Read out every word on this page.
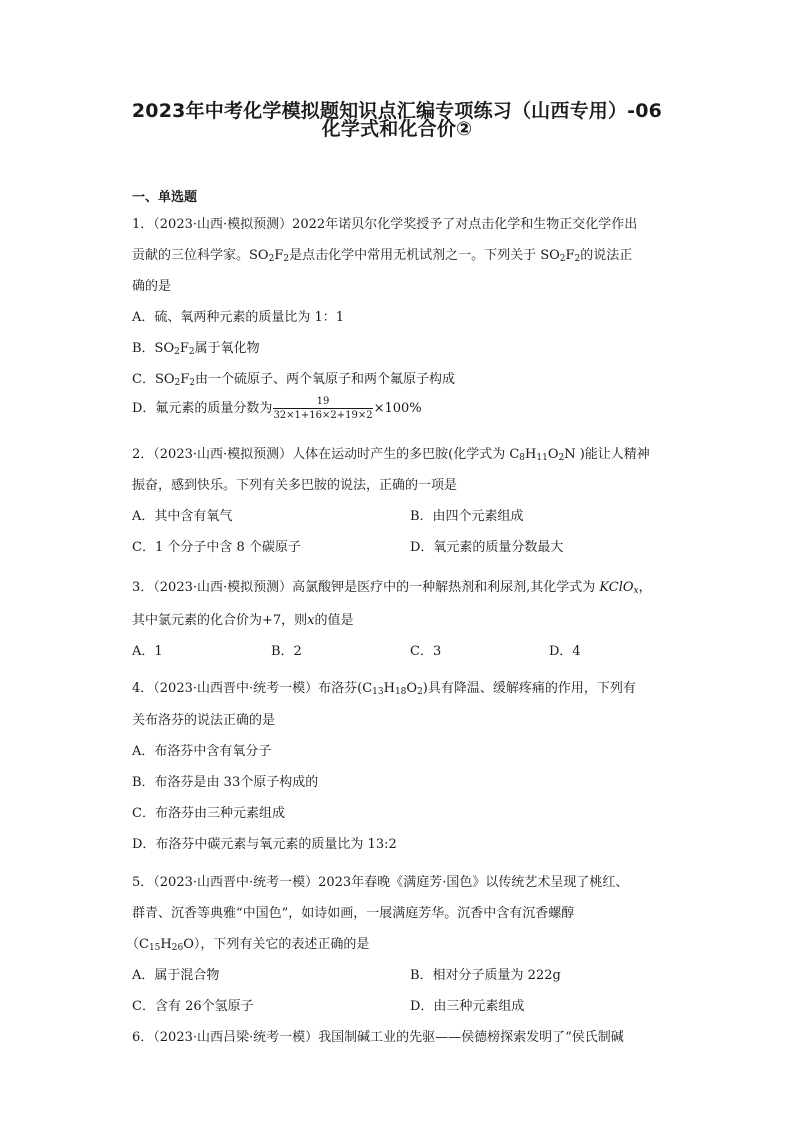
2023年中考化学模拟题知识点汇编专项练习（山西专用）-06
化学式和化合价②
一、单选题
1．（2023·山西·模拟预测）2022年诺贝尔化学奖授予了对点击化学和生物正交化学作出
贡献的三位科学家。$SO_2F_2$是点击化学中常用无机试剂之一。下列关于 $SO_2F_2$的说法正
确的是
A．硫、氧两种元素的质量比为 1：1
B．$SO_2F_2$属于氧化物
C．$SO_2F_2$由一个硫原子、两个氧原子和两个氟原子构成
D．氟元素的质量分数为 $\frac{19}{32\times 1+16\times 2+19\times 2} \times 100\%$
2．（2023·山西·模拟预测）人体在运动时产生的多巴胺(化学式为 $C_8H_{11}O_2N$ )能让人精神
振奋，感到快乐。下列有关多巴胺的说法，正确的一项是
A．其中含有氧气	B．由四个元素组成
C．1 个分子中含 8 个碳原子	D．氧元素的质量分数最大
3．（2023·山西·模拟预测）高氯酸钾是医疗中的一种解热剂和利尿剂,其化学式为 KClO$_x$，
其中氯元素的化合价为+7，则x的值是
A．1	B．2	C．3	D．4
4．（2023·山西晋中·统考一模）布洛芬$(C_{13}H_{18}O_2)$具有降温、缓解疼痛的作用，下列有
关布洛芬的说法正确的是
A．布洛芬中含有氧分子
B．布洛芬是由 33个原子构成的
C．布洛芬由三种元素组成
D．布洛芬中碳元素与氧元素的质量比为 13:2
5．（2023·山西晋中·统考一模）2023年春晚《满庭芳·国色》以传统艺术呈现了桃红、
群青、沉香等典雅“中国色”，如诗如画，一展满庭芳华。沉香中含有沉香螺醇
$(C_{15}H_{26}O)$，下列有关它的表述正确的是
A．属于混合物	B．相对分子质量为 222g
C．含有 26个氢原子	D．由三种元素组成
6．（2023·山西吕梁·统考一模）我国制碱工业的先驱——侯德榜探索发明了“侯氏制碱
